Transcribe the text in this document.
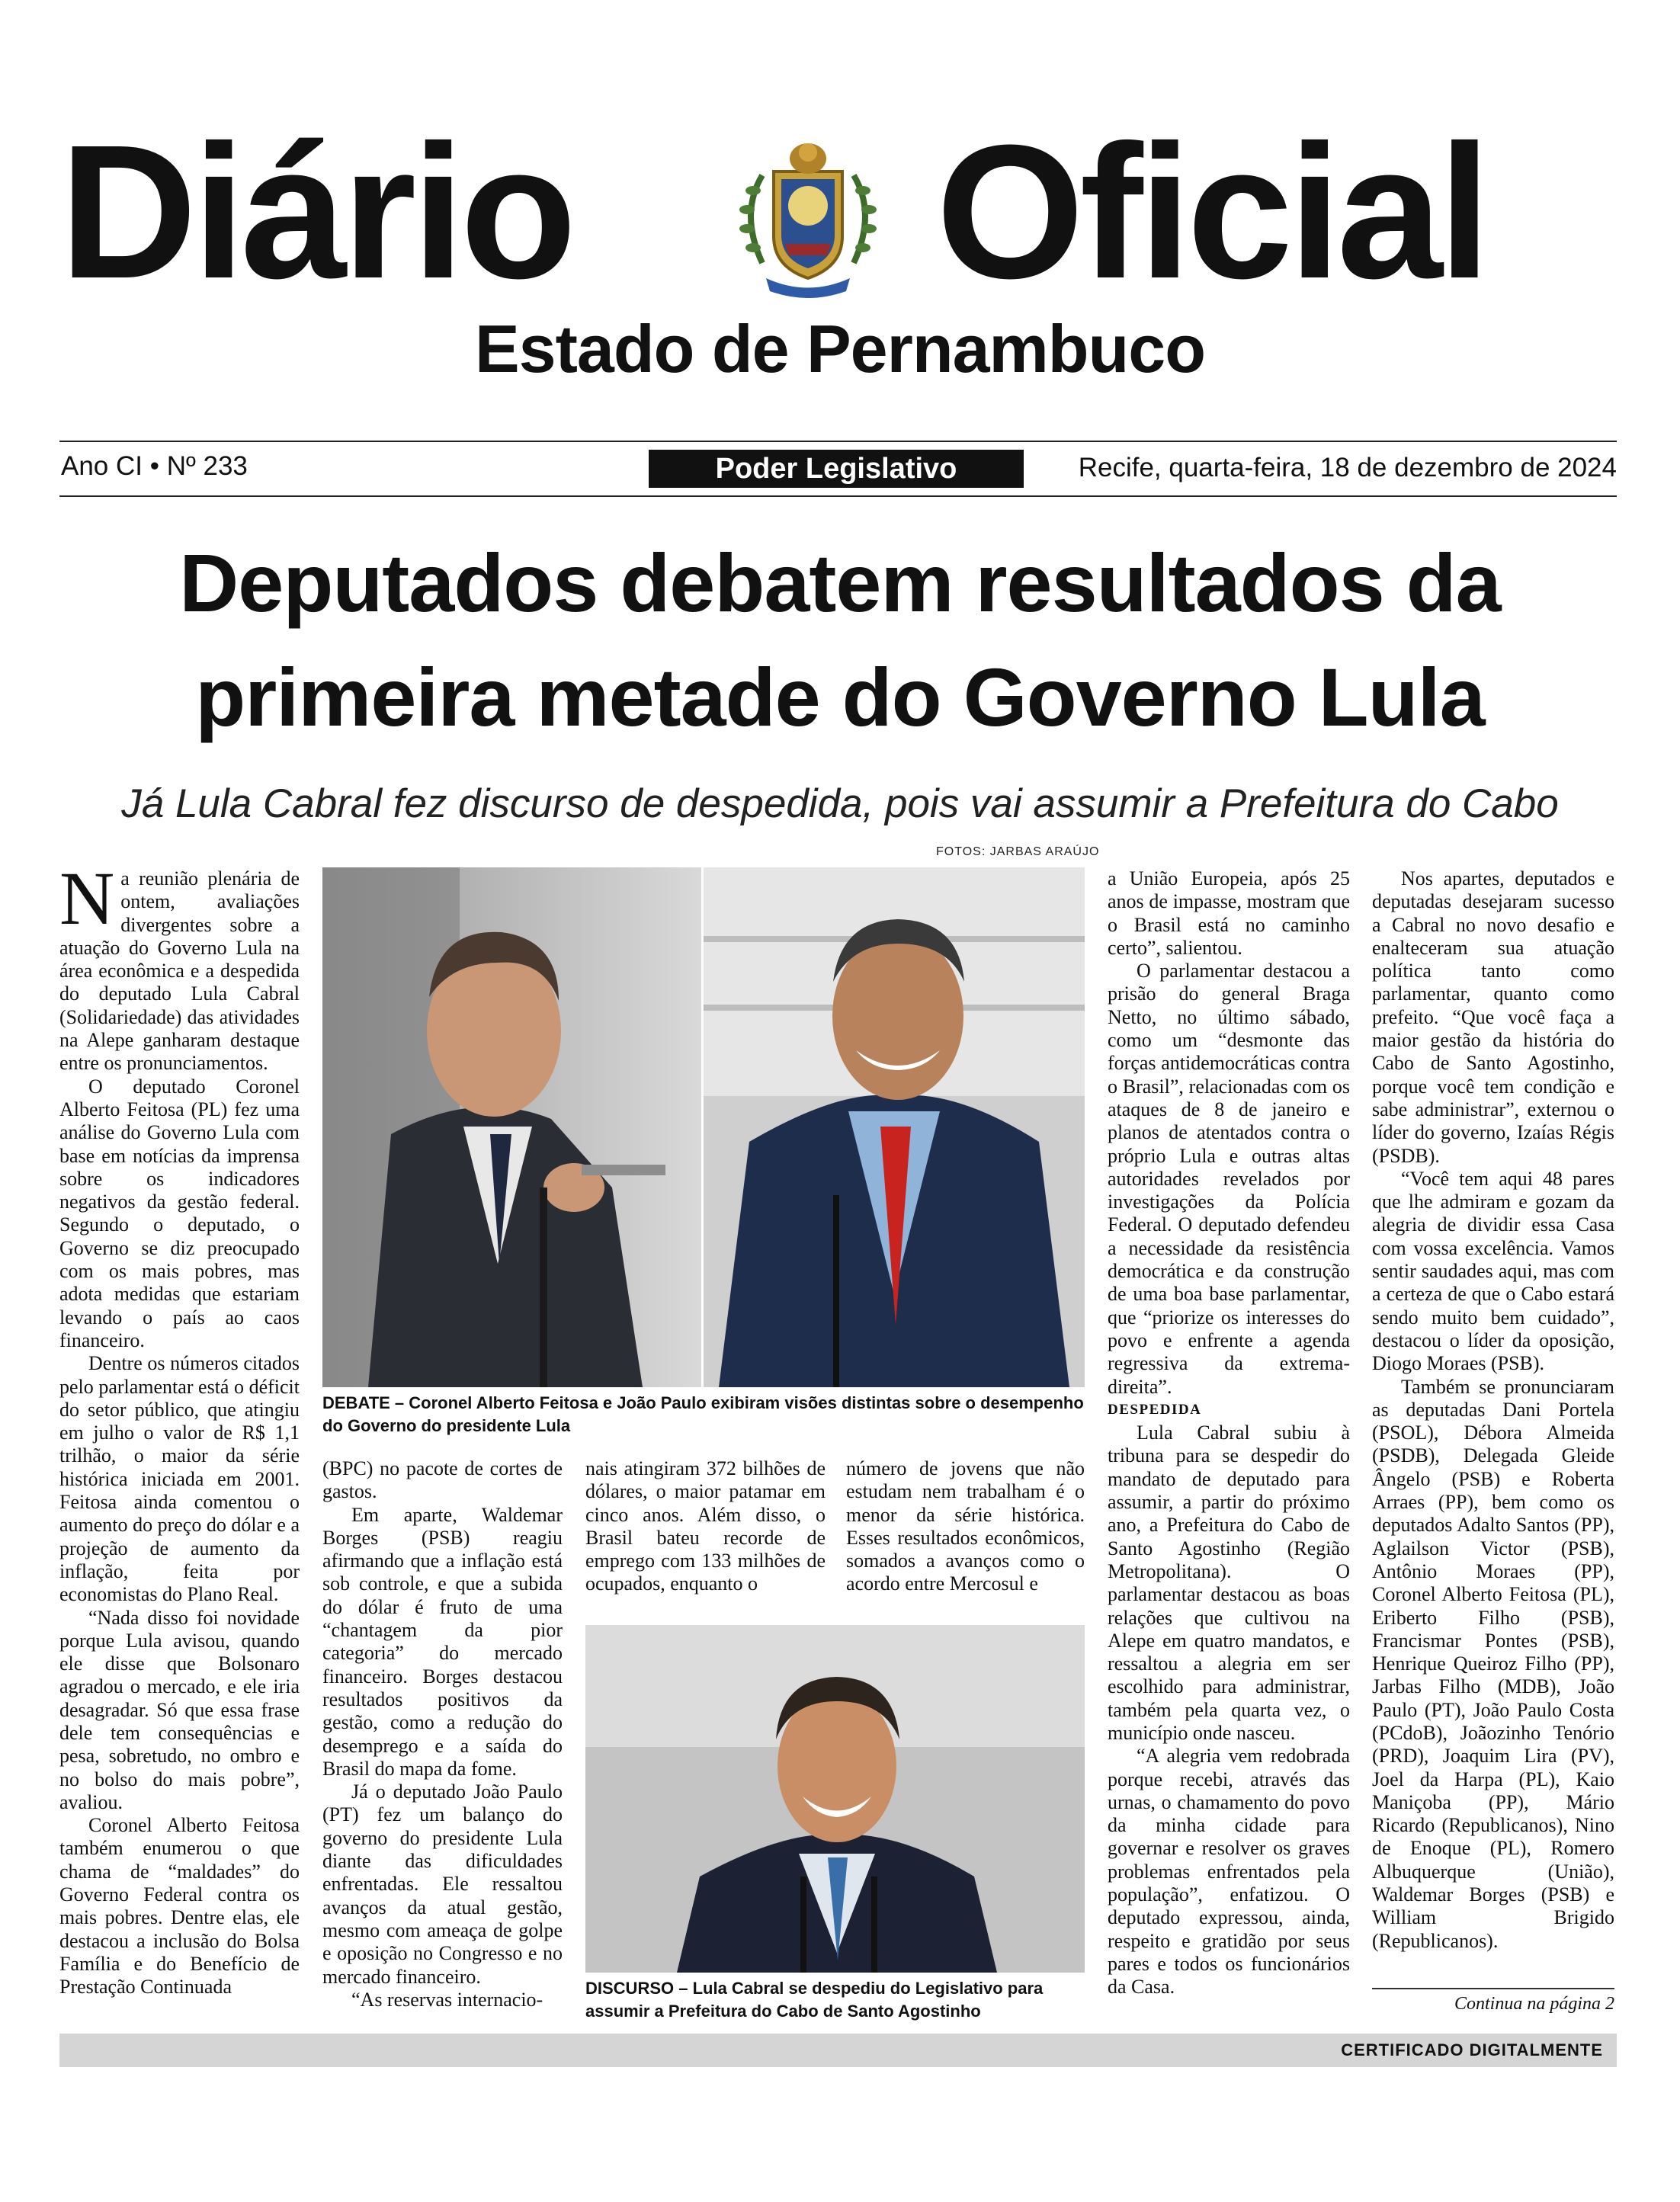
Diário Oficial
Estado de Pernambuco
Ano CI • Nº 233	Poder Legislativo	Recife, quarta-feira, 18 de dezembro de 2024
Deputados debatem resultados da
primeira metade do Governo Lula
Já Lula Cabral fez discurso de despedida, pois vai assumir a Prefeitura do Cabo
FOTOS: JARBAS ARAÚJO

Na reunião plenária de ontem, avaliações divergentes sobre a atuação do Governo Lula na área econômica e a despedida do deputado Lula Cabral (Solidariedade) das atividades na Alepe ganharam destaque entre os pronunciamentos.

O deputado Coronel Alberto Feitosa (PL) fez uma análise do Governo Lula com base em notícias da imprensa sobre os indicadores negativos da gestão federal. Segundo o deputado, o Governo se diz preocupado com os mais pobres, mas adota medidas que estariam levando o país ao caos financeiro.

Dentre os números citados pelo parlamentar está o déficit do setor público, que atingiu em julho o valor de R$ 1,1 trilhão, o maior da série histórica iniciada em 2001. Feitosa ainda comentou o aumento do preço do dólar e a projeção de aumento da inflação, feita por economistas do Plano Real.

“Nada disso foi novidade porque Lula avisou, quando ele disse que Bolsonaro agradou o mercado, e ele iria desagradar. Só que essa frase dele tem consequências e pesa, sobretudo, no ombro e no bolso do mais pobre”, avaliou.

Coronel Alberto Feitosa também enumerou o que chama de “maldades” do Governo Federal contra os mais pobres. Dentre elas, ele destacou a inclusão do Bolsa Família e do Benefício de Prestação Continuada

DEBATE – Coronel Alberto Feitosa e João Paulo exibiram visões distintas sobre o desempenho do Governo do presidente Lula

(BPC) no pacote de cortes de gastos.

Em aparte, Waldemar Borges (PSB) reagiu afirmando que a inflação está sob controle, e que a subida do dólar é fruto de uma “chantagem da pior categoria” do mercado financeiro. Borges destacou resultados positivos da gestão, como a redução do desemprego e a saída do Brasil do mapa da fome.

Já o deputado João Paulo (PT) fez um balanço do governo do presidente Lula diante das dificuldades enfrentadas. Ele ressaltou avanços da atual gestão, mesmo com ameaça de golpe e oposição no Congresso e no mercado financeiro.

“As reservas internacio-

nais atingiram 372 bilhões de dólares, o maior patamar em cinco anos. Além disso, o Brasil bateu recorde de emprego com 133 milhões de ocupados, enquanto o

número de jovens que não estudam nem trabalham é o menor da série histórica. Esses resultados econômicos, somados a avanços como o acordo entre Mercosul e

DISCURSO – Lula Cabral se despediu do Legislativo para assumir a Prefeitura do Cabo de Santo Agostinho

a União Europeia, após 25 anos de impasse, mostram que o Brasil está no caminho certo”, salientou.

O parlamentar destacou a prisão do general Braga Netto, no último sábado, como um “desmonte das forças antidemocráticas contra o Brasil”, relacionadas com os ataques de 8 de janeiro e planos de atentados contra o próprio Lula e outras altas autoridades revelados por investigações da Polícia Federal. O deputado defendeu a necessidade da resistência democrática e da construção de uma boa base parlamentar, que “priorize os interesses do povo e enfrente a agenda regressiva da extrema-direita”.

DESPEDIDA

Lula Cabral subiu à tribuna para se despedir do mandato de deputado para assumir, a partir do próximo ano, a Prefeitura do Cabo de Santo Agostinho (Região Metropolitana). O parlamentar destacou as boas relações que cultivou na Alepe em quatro mandatos, e ressaltou a alegria em ser escolhido para administrar, também pela quarta vez, o município onde nasceu.

“A alegria vem redobrada porque recebi, através das urnas, o chamamento do povo da minha cidade para governar e resolver os graves problemas enfrentados pela população”, enfatizou. O deputado expressou, ainda, respeito e gratidão por seus pares e todos os funcionários da Casa.

Nos apartes, deputados e deputadas desejaram sucesso a Cabral no novo desafio e enalteceram sua atuação política tanto como parlamentar, quanto como prefeito. “Que você faça a maior gestão da história do Cabo de Santo Agostinho, porque você tem condição e sabe administrar”, externou o líder do governo, Izaías Régis (PSDB).

“Você tem aqui 48 pares que lhe admiram e gozam da alegria de dividir essa Casa com vossa excelência. Vamos sentir saudades aqui, mas com a certeza de que o Cabo estará sendo muito bem cuidado”, destacou o líder da oposição, Diogo Moraes (PSB).

Também se pronunciaram as deputadas Dani Portela (PSOL), Débora Almeida (PSDB), Delegada Gleide Ângelo (PSB) e Roberta Arraes (PP), bem como os deputados Adalto Santos (PP), Aglailson Victor (PSB), Antônio Moraes (PP), Coronel Alberto Feitosa (PL), Eriberto Filho (PSB), Francismar Pontes (PSB), Henrique Queiroz Filho (PP), Jarbas Filho (MDB), João Paulo (PT), João Paulo Costa (PCdoB), Joãozinho Tenório (PRD), Joaquim Lira (PV), Joel da Harpa (PL), Kaio Maniçoba (PP), Mário Ricardo (Republicanos), Nino de Enoque (PL), Romero Albuquerque (União), Waldemar Borges (PSB) e William Brigido (Republicanos).

Continua na página 2
CERTIFICADO DIGITALMENTE
